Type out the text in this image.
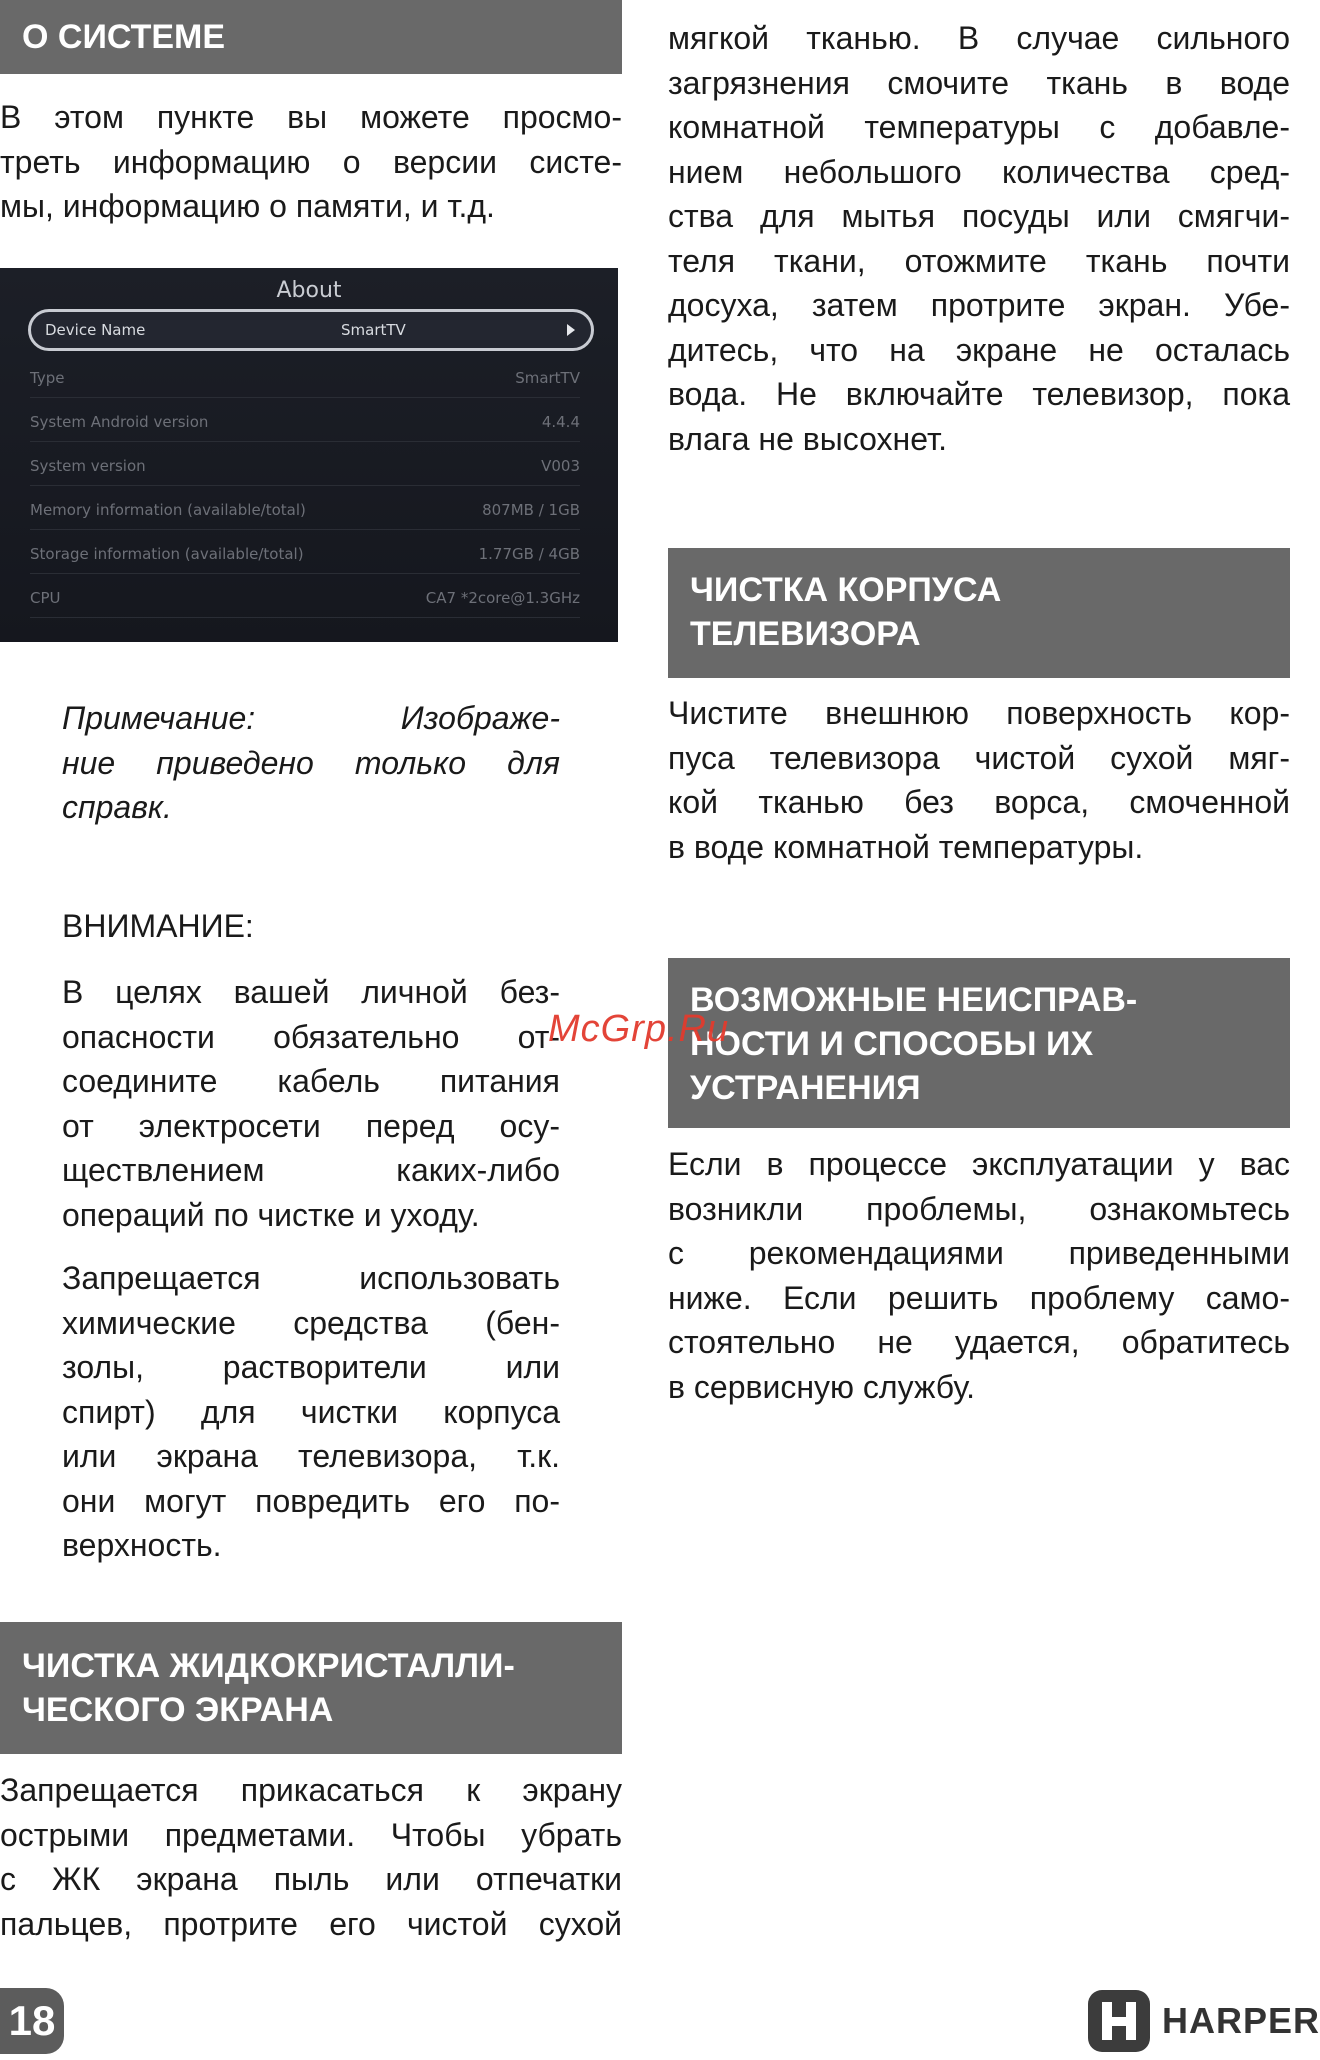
О СИСТЕМЕ
В этом пункте вы можете просмо-
треть информацию о версии систе-
мы, информацию о памяти, и т.д.
About
Device Name	SmartTV
Type	SmartTV
System Android version	4.4.4
System version	V003
Memory information (available/total)	807MB / 1GB
Storage information (available/total)	1.77GB / 4GB
CPU	CA7 *2core@1.3GHz
Примечание: Изображе-
ние приведено только для
справк.
ВНИМАНИЕ:
В целях вашей личной без-
опасности обязательно от-
соедините кабель питания
от электросети перед осу-
ществлением каких-либо
операций по чистке и уходу.
Запрещается использовать
химические средства (бен-
золы, растворители или
спирт) для чистки корпуса
или экрана телевизора, т.к.
они могут повредить его по-
верхность.
ЧИСТКА ЖИДКОКРИСТАЛЛИ-
ЧЕСКОГО ЭКРАНА
Запрещается прикасаться к экрану
острыми предметами. Чтобы убрать
с ЖК экрана пыль или отпечатки
пальцев, протрите его чистой сухой
мягкой тканью. В случае сильного
загрязнения смочите ткань в воде
комнатной температуры с добавле-
нием небольшого количества сред-
ства для мытья посуды или смягчи-
теля ткани, отожмите ткань почти
досуха, затем протрите экран. Убе-
дитесь, что на экране не осталась
вода. Не включайте телевизор, пока
влага не высохнет.
ЧИСТКА КОРПУСА
ТЕЛЕВИЗОРА
Чистите внешнюю поверхность кор-
пуса телевизора чистой сухой мяг-
кой тканью без ворса, смоченной
в воде комнатной температуры.
ВОЗМОЖНЫЕ НЕИСПРАВ-
НОСТИ И СПОСОБЫ ИХ
УСТРАНЕНИЯ
Если в процессе эксплуатации у вас
возникли проблемы, ознакомьтесь
с рекомендациями приведенными
ниже. Если решить проблему само-
стоятельно не удается, обратитесь
в сервисную службу.
McGrp.Ru
18	HARPER
